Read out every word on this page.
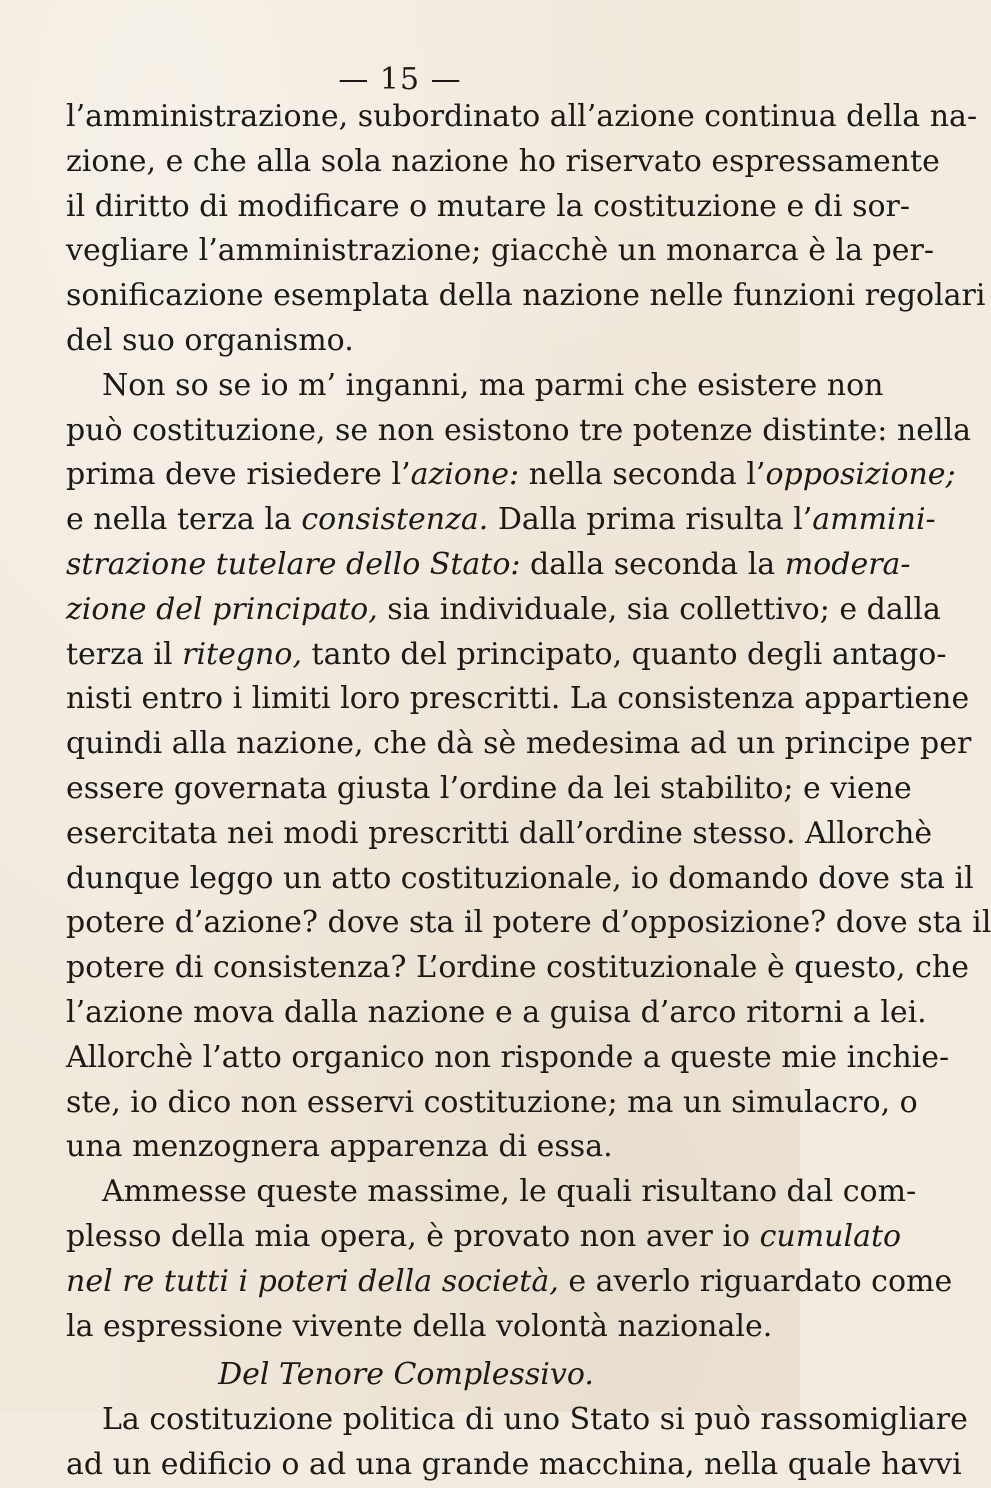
— 15 —
l’amministrazione, subordinato all’azione continua della na-
zione, e che alla sola nazione ho riservato espressamente
il diritto di modificare o mutare la costituzione e di sor-
vegliare l’amministrazione; giacchè un monarca è la per-
sonificazione esemplata della nazione nelle funzioni regolari
del suo organismo.
Non so se io m’ inganni, ma parmi che esistere non
può costituzione, se non esistono tre potenze distinte: nella
prima deve risiedere l’azione: nella seconda l’opposizione;
e nella terza la consistenza. Dalla prima risulta l’ammini-
strazione tutelare dello Stato: dalla seconda la modera-
zione del principato, sia individuale, sia collettivo; e dalla
terza il ritegno, tanto del principato, quanto degli antago-
nisti entro i limiti loro prescritti. La consistenza appartiene
quindi alla nazione, che dà sè medesima ad un principe per
essere governata giusta l’ordine da lei stabilito; e viene
esercitata nei modi prescritti dall’ordine stesso. Allorchè
dunque leggo un atto costituzionale, io domando dove sta il
potere d’azione? dove sta il potere d’opposizione? dove sta il
potere di consistenza? L’ordine costituzionale è questo, che
l’azione mova dalla nazione e a guisa d’arco ritorni a lei.
Allorchè l’atto organico non risponde a queste mie inchie-
ste, io dico non esservi costituzione; ma un simulacro, o
una menzognera apparenza di essa.
Ammesse queste massime, le quali risultano dal com-
plesso della mia opera, è provato non aver io cumulato
nel re tutti i poteri della società, e averlo riguardato come
la espressione vivente della volontà nazionale.
Del Tenore Complessivo.
La costituzione politica di uno Stato si può rassomigliare
ad un edificio o ad una grande macchina, nella quale havvi
